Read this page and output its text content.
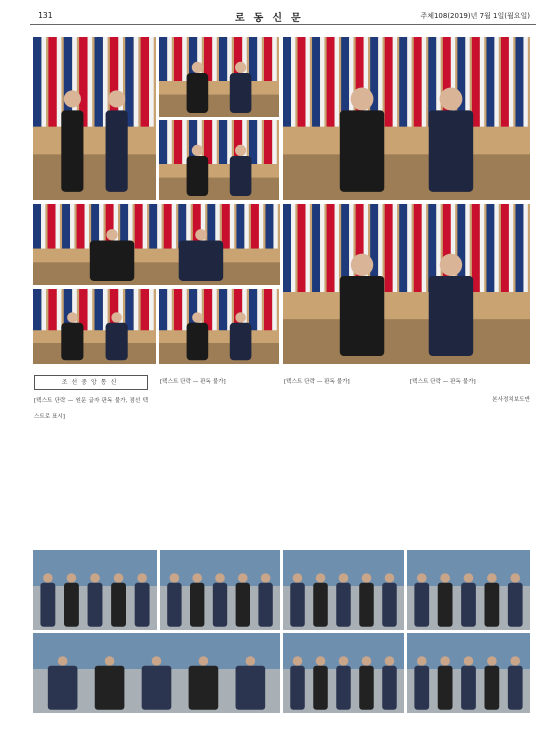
131	로동신문	주체108(2019)년 7월 1일(월요일)
조선중앙통신

[텍스트 단락 — 원문 글자 판독 불가, 점선 텍스트로 표시]

[텍스트 단락 — 판독 불가]	[텍스트 단락 — 판독 불가]	[텍스트 단락 — 판독 불가]

본사정치보도반
